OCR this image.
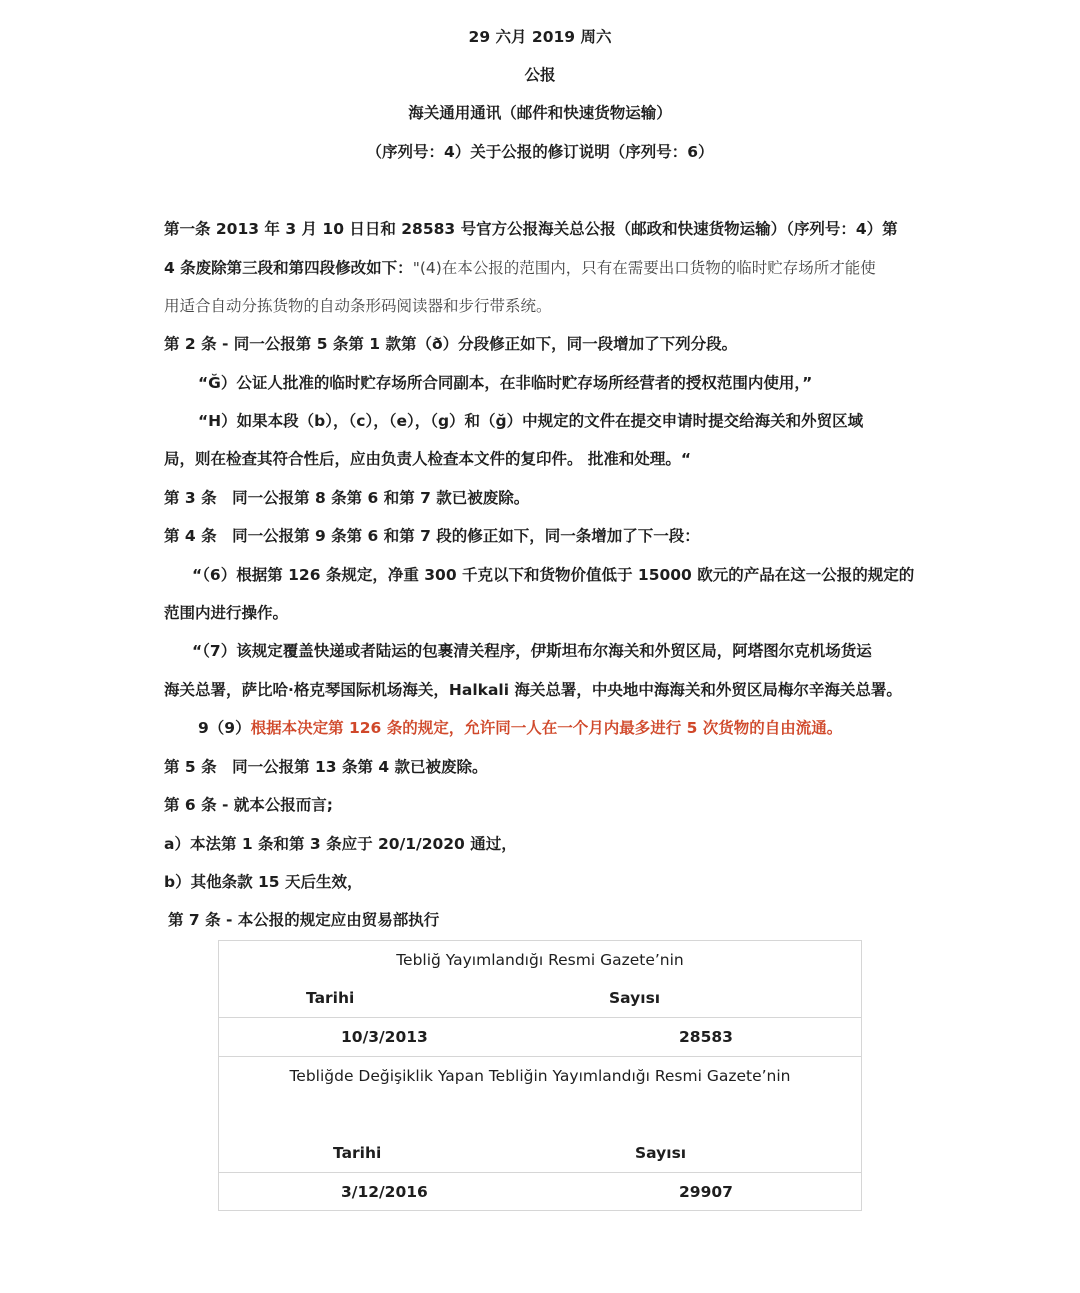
29 六月 2019 周六
公报
海关通用通讯（邮件和快速货物运输）
（序列号：4）关于公报的修订说明（序列号：6）
第一条 2013 年 3 月 10 日日和 28583 号官方公报海关总公报（邮政和快速货物运输）（序列号：4）第
4 条废除第三段和第四段修改如下："(4)在本公报的范围内，只有在需要出口货物的临时贮存场所才能使
用适合自动分拣货物的自动条形码阅读器和步行带系统。
第 2 条 - 同一公报第 5 条第 1 款第（ð）分段修正如下，同一段增加了下列分段。
“Ğ）公证人批准的临时贮存场所合同副本，在非临时贮存场所经营者的授权范围内使用，”
“H）如果本段（b），（c），（e），（g）和（ğ）中规定的文件在提交申请时提交给海关和外贸区域
局，则在检查其符合性后，应由负责人检查本文件的复印件。 批准和处理。“
第 3 条　同一公报第 8 条第 6 和第 7 款已被废除。
第 4 条　同一公报第 9 条第 6 和第 7 段的修正如下，同一条增加了下一段：
“（6）根据第 126 条规定，净重 300 千克以下和货物价值低于 15000 欧元的产品在这一公报的规定的
范围内进行操作。
“（7）该规定覆盖快递或者陆运的包裹清关程序，伊斯坦布尔海关和外贸区局，阿塔图尔克机场货运
海关总署，萨比哈·格克琴国际机场海关，Halkali 海关总署，中央地中海海关和外贸区局梅尔辛海关总署。
9（9）根据本决定第 126 条的规定，允许同一人在一个月内最多进行 5 次货物的自由流通。
第 5 条　同一公报第 13 条第 4 款已被废除。
第 6 条 - 就本公报而言;
a）本法第 1 条和第 3 条应于 20/1/2020 通过，
b）其他条款 15 天后生效，
第 7 条 - 本公报的规定应由贸易部执行
Tebliğ Yayımlandığı Resmi Gazete’nin
Tarihi	Sayısı
10/3/2013	28583
Tebliğde Değişiklik Yapan Tebliğin Yayımlandığı Resmi Gazete’nin
Tarihi	Sayısı
3/12/2016	29907
